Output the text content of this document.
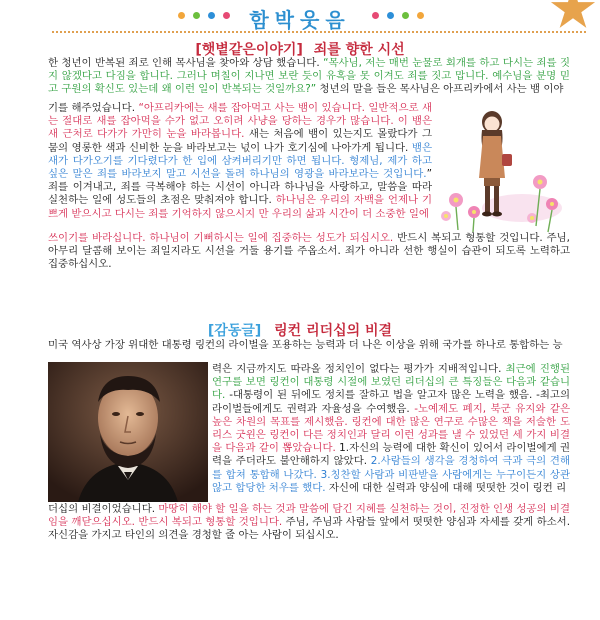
함박웃음
[햇볕같은이야기] 죄를 향한 시선
한 청년이 반복된 죄로 인해 목사님을 찾아와 상담 했습니다. “목사님, 저는 매번 눈물로 회개를 하고 다시는 죄를 짓지 않겠다고 다짐을 합니다. 그러나 며칠이 지나면 보란 듯이 유혹을 못 이겨도 죄를 짓고 맙니다. 예수님을 분명 믿고 구원의 확신도 있는데 왜 이런 일이 반복되는 것일까요?” 청년의 말을 들은 목사님은 아프리카에서 사는 뱀 이야
기를 해주었습니다. “아프리카에는 새를 잡아먹고 사는 뱀이 있습니다. 일반적으로 새는 절대로 새를 잡아먹을 수가 없고 오히려 사냥을 당하는 경우가 많습니다. 이 뱀은 새 근처로 다가가 가만히 눈을 바라봅니다. 새는 처음에 뱀이 있는지도 몰랐다가 그 뭄의 영롱한 색과 신비한 눈을 바라보고는 넋이 나가 호기심에 나아가게 됩니다. 뱀은 새가 다가오기를 기다렸다가 한 입에 삼켜버리기만 하면 됩니다. 형제님, 제가 하고 싶은 말은 죄를 바라보지 말고 시선을 돌려 하나님의 영광을 바라보라는 것입니다.” 죄를 이겨내고, 죄를 극복해야 하는 시선이 아니라 하나님을 사랑하고, 말씀을 따라 실천하는 일에 성도들의 초점은 맞춰져야 합니다. 하나님은 우리의 자백을 언제나 기쁘게 받으시고 다시는 죄를 기억하지 않으시지 만 우리의 삶과 시간이 더 소중한 일에
쓰이기를 바라십니다. 하나님이 기뻐하시는 일에 집중하는 성도가 되십시오. 반드시 복되고 형통할 것입니다. 주님, 아무리 달콤해 보이는 죄일지라도 시선을 거둘 용기를 주옵소서. 죄가 아니라 선한 행실이 습관이 되도록 노력하고 집중하십시오.
[감동글] 링컨 리더십의 비결
미국 역사상 가장 위대한 대통령 링컨의 라이벌을 포용하는 능력과 더 나은 이상을 위해 국가를 하나로 통합하는 능
력은 지금까지도 따라올 정치인이 없다는 평가가 지배적입니다. 최근에 진행된 연구를 보면 링컨이 대통령 시절에 보였던 리더십의 큰 특징들은 다음과 같습니다. -대통령이 된 뒤에도 정치를 잘하고 법을 알고자 많은 노력을 했음. -최고의 라이벌들에게도 권력과 자율성을 수여했음. -노예제도 폐지, 북군 유지와 같은 높은 차원의 목표를 제시했음. 링컨에 대한 많은 연구로 수많은 책을 저술한 도리스 굿윈은 링컨이 다른 정치인과 달리 이런 성과를 낼 수 있었던 세 가지 비결을 다음과 같이 뽑았습니다. 1.자신의 능력에 대한 확신이 있어서 라이벌에게 권력을 주더라도 불안해하지 않았다. 2.사람들의 생각을 경청하여 극과 극의 견해를 합쳐 통합해 나갔다. 3.칭찬할 사람과 비판받을 사람에게는 누구이든지 상관 않고 합당한 처우를 했다. 자신에 대한 실력과 양심에 대해 떳떳한 것이 링컨 리
더십의 비결이었습니다. 마땅히 해야 할 일을 하는 것과 말씀에 담긴 지혜를 실천하는 것이, 진정한 인생 성공의 비결임을 깨닫으십시오. 반드시 복되고 형통할 것입니다. 주님, 주님과 사람들 앞에서 떳떳한 양심과 자세를 갖게 하소서. 자신감을 가지고 타인의 의견을 경청할 줄 아는 사람이 되십시오.
